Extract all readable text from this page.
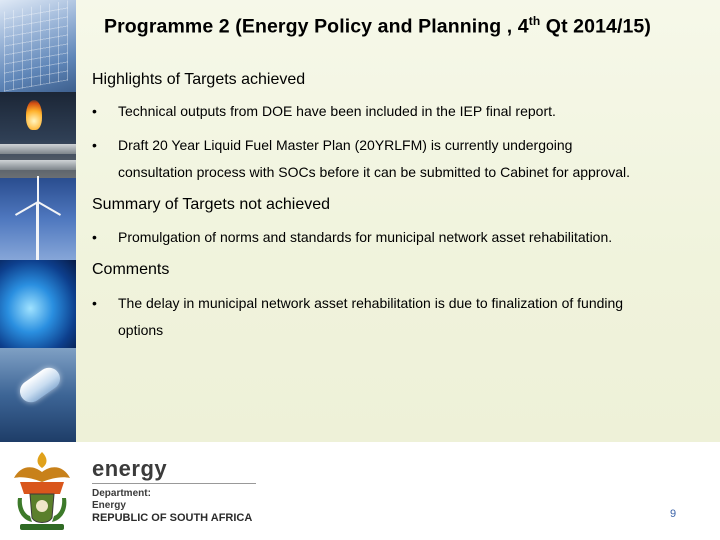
Programme 2 (Energy Policy and Planning , 4th Qt 2014/15)
Highlights of Targets achieved
• Technical outputs from DOE have been included in the IEP final report.
• Draft 20 Year Liquid Fuel Master Plan (20YRLFM) is currently undergoing
consultation process with SOCs before it can be submitted to Cabinet for approval.
Summary of Targets not achieved
• Promulgation of norms and standards for municipal network asset rehabilitation.
Comments
• The delay in municipal network asset rehabilitation is due to finalization of funding
options
energy
Department:
Energy
REPUBLIC OF SOUTH AFRICA	9
